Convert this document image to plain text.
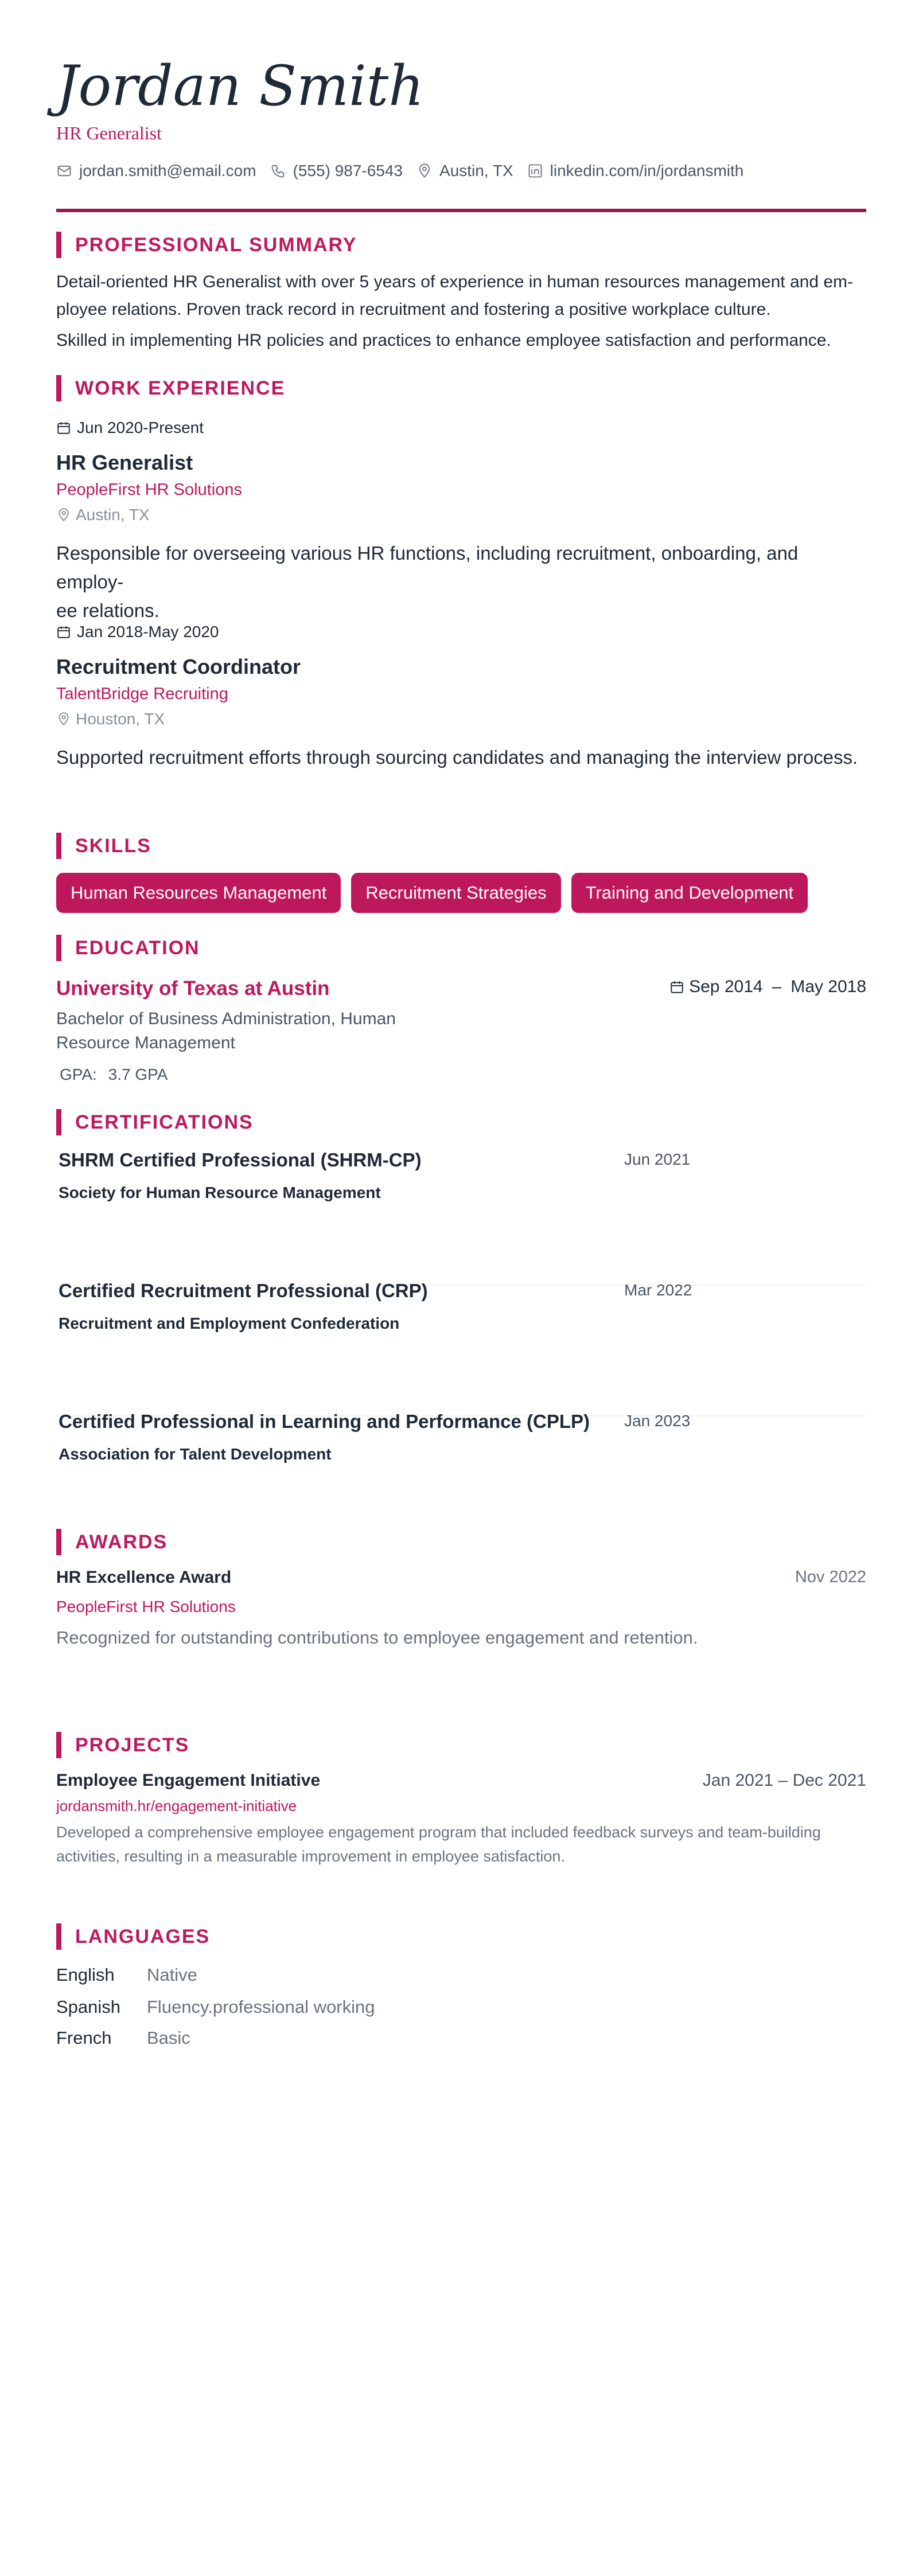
Jordan Smith
HR Generalist
jordan.smith@email.com (555) 987-6543 Austin, TX linkedin.com/in/jordansmith
PROFESSIONAL SUMMARY
Detail-oriented HR Generalist with over 5 years of experience in human resources management and em-
ployee relations. Proven track record in recruitment and fostering a positive workplace culture.
Skilled in implementing HR policies and practices to enhance employee satisfaction and performance.
WORK EXPERIENCE
Jun 2020-Present
HR Generalist
PeopleFirst HR Solutions
Austin, TX
Responsible for overseeing various HR functions, including recruitment, onboarding, and employ-
ee relations.
Jan 2018-May 2020
Recruitment Coordinator
TalentBridge Recruiting
Houston, TX
Supported recruitment efforts through sourcing candidates and managing the interview process.
SKILLS
Human Resources Management	Recruitment Strategies	Training and Development
EDUCATION
University of Texas at Austin	Sep 2014 – May 2018
Bachelor of Business Administration, Human
Resource Management
GPA: 3.7 GPA
CERTIFICATIONS
SHRM Certified Professional (SHRM-CP)	Jun 2021
Society for Human Resource Management
Certified Recruitment Professional (CRP)	Mar 2022
Recruitment and Employment Confederation
Certified Professional in Learning and Performance (CPLP)	Jan 2023
Association for Talent Development
AWARDS
HR Excellence Award	Nov 2022
PeopleFirst HR Solutions
Recognized for outstanding contributions to employee engagement and retention.
PROJECTS
Employee Engagement Initiative	Jan 2021 – Dec 2021
jordansmith.hr/engagement-initiative
Developed a comprehensive employee engagement program that included feedback surveys and team-building
activities, resulting in a measurable improvement in employee satisfaction.
LANGUAGES
English	Native
Spanish	Fluency.professional working
French	Basic
